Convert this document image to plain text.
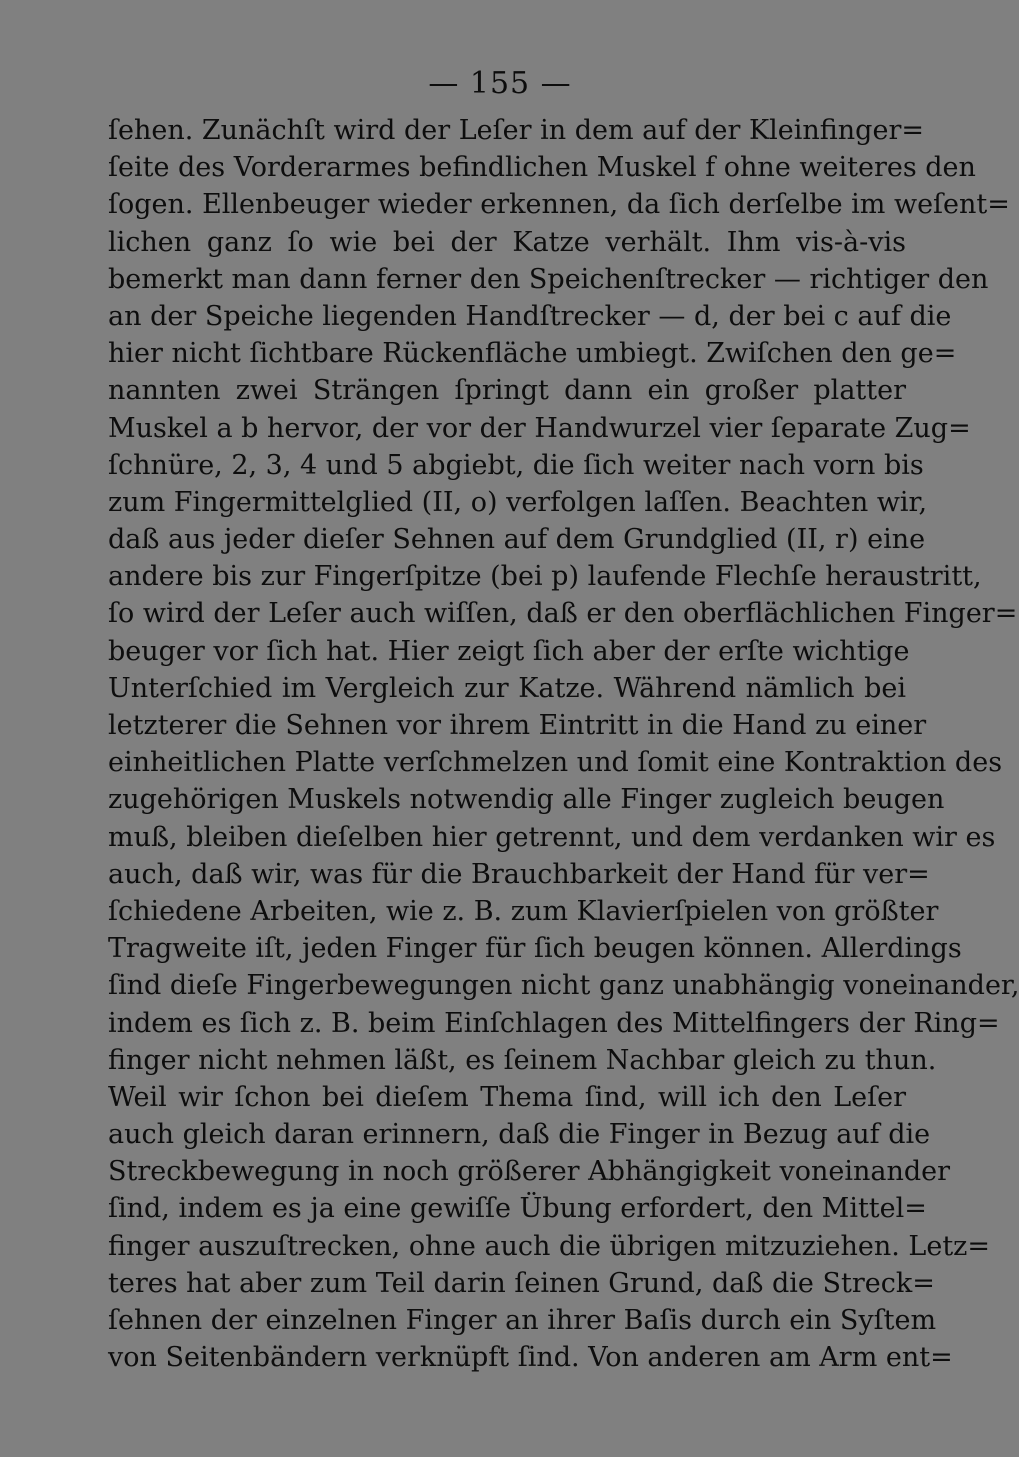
— 155 —
ſehen. Zunächſt wird der Leſer in dem auf der Kleinfinger=
ſeite des Vorderarmes befindlichen Muskel f ohne weiteres den
ſogen. Ellenbeuger wieder erkennen, da ſich derſelbe im weſent=
lichen ganz ſo wie bei der Katze verhält. Ihm vis-à-vis
bemerkt man dann ferner den Speichenſtrecker — richtiger den
an der Speiche liegenden Handſtrecker — d, der bei c auf die
hier nicht ſichtbare Rückenfläche umbiegt. Zwiſchen den ge=
nannten zwei Strängen ſpringt dann ein großer platter
Muskel a b hervor, der vor der Handwurzel vier ſeparate Zug=
ſchnüre, 2, 3, 4 und 5 abgiebt, die ſich weiter nach vorn bis
zum Fingermittelglied (II, o) verfolgen laſſen. Beachten wir,
daß aus jeder dieſer Sehnen auf dem Grundglied (II, r) eine
andere bis zur Fingerſpitze (bei p) laufende Flechſe heraustritt,
ſo wird der Leſer auch wiſſen, daß er den oberflächlichen Finger=
beuger vor ſich hat. Hier zeigt ſich aber der erſte wichtige
Unterſchied im Vergleich zur Katze. Während nämlich bei
letzterer die Sehnen vor ihrem Eintritt in die Hand zu einer
einheitlichen Platte verſchmelzen und ſomit eine Kontraktion des
zugehörigen Muskels notwendig alle Finger zugleich beugen
muß, bleiben dieſelben hier getrennt, und dem verdanken wir es
auch, daß wir, was für die Brauchbarkeit der Hand für ver=
ſchiedene Arbeiten, wie z. B. zum Klavierſpielen von größter
Tragweite iſt, jeden Finger für ſich beugen können. Allerdings
ſind dieſe Fingerbewegungen nicht ganz unabhängig voneinander,
indem es ſich z. B. beim Einſchlagen des Mittelfingers der Ring=
finger nicht nehmen läßt, es ſeinem Nachbar gleich zu thun.
Weil wir ſchon bei dieſem Thema ſind, will ich den Leſer
auch gleich daran erinnern, daß die Finger in Bezug auf die
Streckbewegung in noch größerer Abhängigkeit voneinander
ſind, indem es ja eine gewiſſe Übung erfordert, den Mittel=
finger auszuſtrecken, ohne auch die übrigen mitzuziehen. Letz=
teres hat aber zum Teil darin ſeinen Grund, daß die Streck=
ſehnen der einzelnen Finger an ihrer Baſis durch ein Syſtem
von Seitenbändern verknüpft ſind. Von anderen am Arm ent=
